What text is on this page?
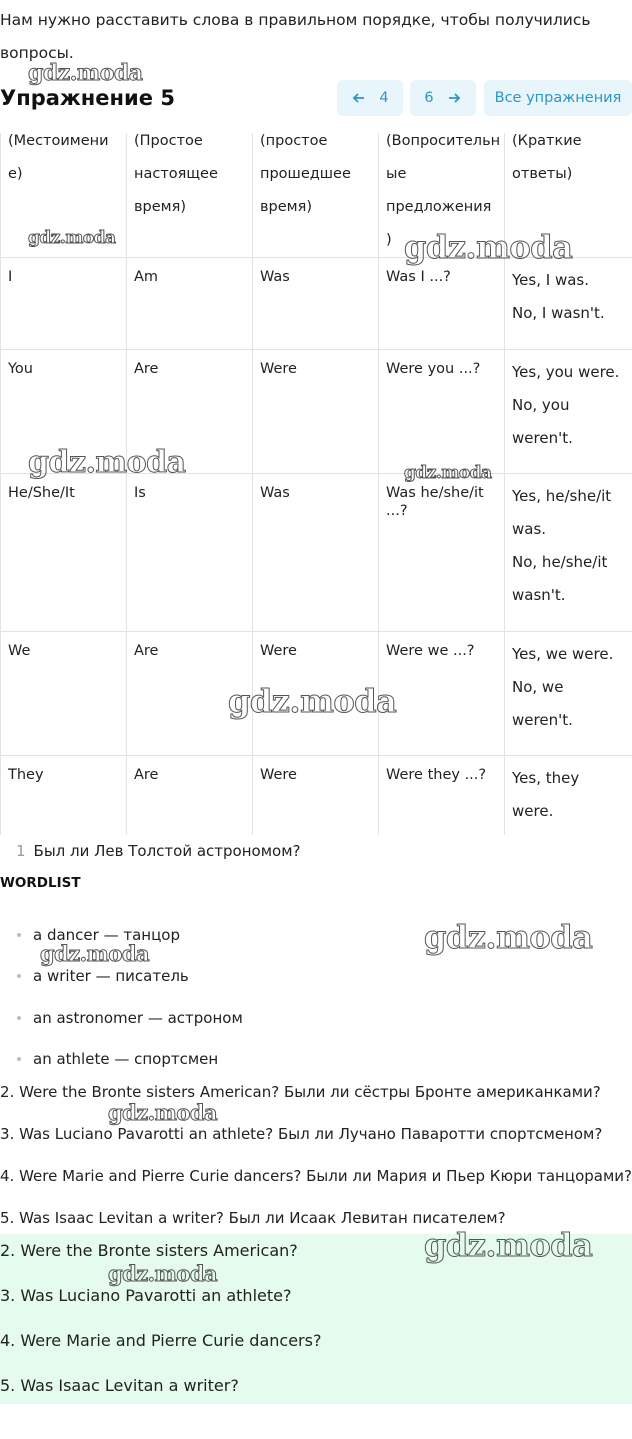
Нам нужно расставить слова в правильном порядке, чтобы получились вопросы.
Упражнение 5	4 6	Все упражнения
(Местоимени е)	(Простое настоящее время)	(простое прошедшее время)	(Вопросительн ые предложения )	(Краткие ответы)
I	Am	Was	Was I ...?	Yes, I was.
No, I wasn't.

You	Are	Were	Were you ...?	Yes, you were.
No, you weren't.

He/She/It	Is	Was	Was he/she/it ...?	Yes, he/she/it was.
No, he/she/it wasn't.

We	Are	Were	Were we ...?	Yes, we were.
No, we weren't.

They	Are	Were	Were they ...?	Yes, they were.
1 Был ли Лев Толстой астрономом?
WORDLIST
a dancer — танцор
a writer — писатель
an astronomer — астроном
an athlete — спортсмен
2. Were the Bronte sisters American? Были ли сёстры Бронте американками?
3. Was Luciano Pavarotti an athlete? Был ли Лучано Паваротти спортсменом?
4. Were Marie and Pierre Curie dancers? Были ли Мария и Пьер Кюри танцорами?
5. Was Isaac Levitan a writer? Был ли Исаак Левитан писателем?
2. Were the Bronte sisters American?
3. Was Luciano Pavarotti an athlete?
4. Were Marie and Pierre Curie dancers?
5. Was Isaac Levitan a writer?
gdz.moda
gdz.moda	gdz.moda
gdz.moda	gdz.moda
gdz.moda
gdz.moda
gdz.moda
gdz.moda
gdz.moda
gdz.moda
